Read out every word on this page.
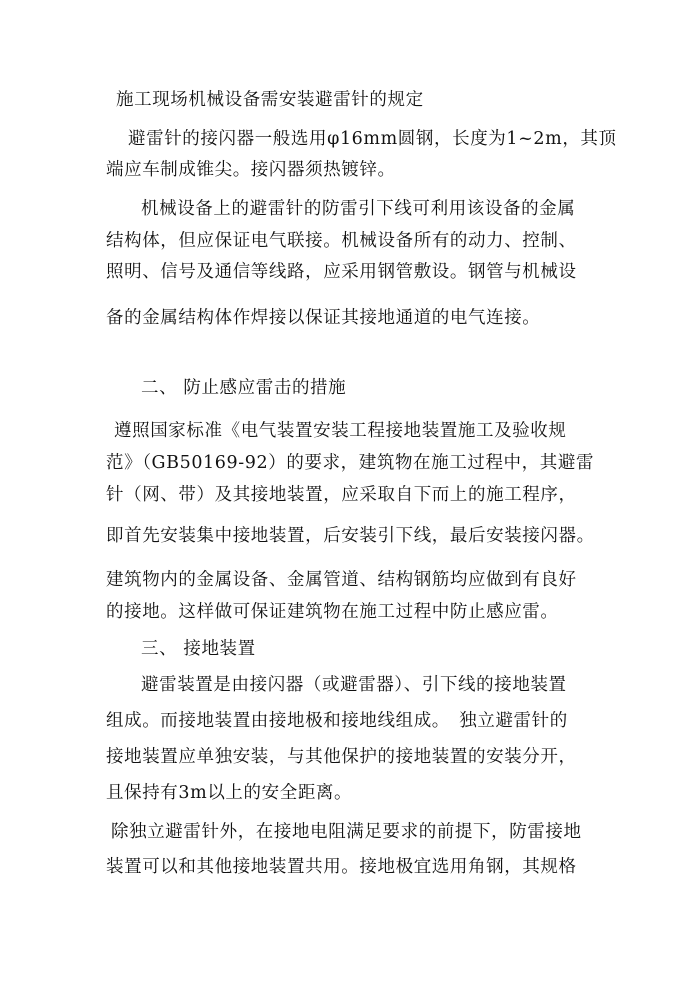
施工现场机械设备需安装避雷针的规定
避雷针的接闪器一般选用φ16mm圆钢，长度为1~2m，其顶
端应车制成锥尖。接闪器须热镀锌。
机械设备上的避雷针的防雷引下线可利用该设备的金属
结构体，但应保证电气联接。机械设备所有的动力、控制、
照明、信号及通信等线路，应采用钢管敷设。钢管与机械设
备的金属结构体作焊接以保证其接地通道的电气连接。
二、 防止感应雷击的措施
遵照国家标准《电气装置安装工程接地装置施工及验收规
范》（GB50169-92）的要求，建筑物在施工过程中，其避雷
针（网、带）及其接地装置，应采取自下而上的施工程序，
即首先安装集中接地装置，后安装引下线，最后安装接闪器。
建筑物内的金属设备、金属管道、结构钢筋均应做到有良好
的接地。这样做可保证建筑物在施工过程中防止感应雷。
三、 接地装置
避雷装置是由接闪器（或避雷器）、引下线的接地装置
组成。而接地装置由接地极和接地线组成。　独立避雷针的
接地装置应单独安装，与其他保护的接地装置的安装分开，
且保持有3m以上的安全距离。
除独立避雷针外，在接地电阻满足要求的前提下，防雷接地
装置可以和其他接地装置共用。接地极宜选用角钢，其规格
